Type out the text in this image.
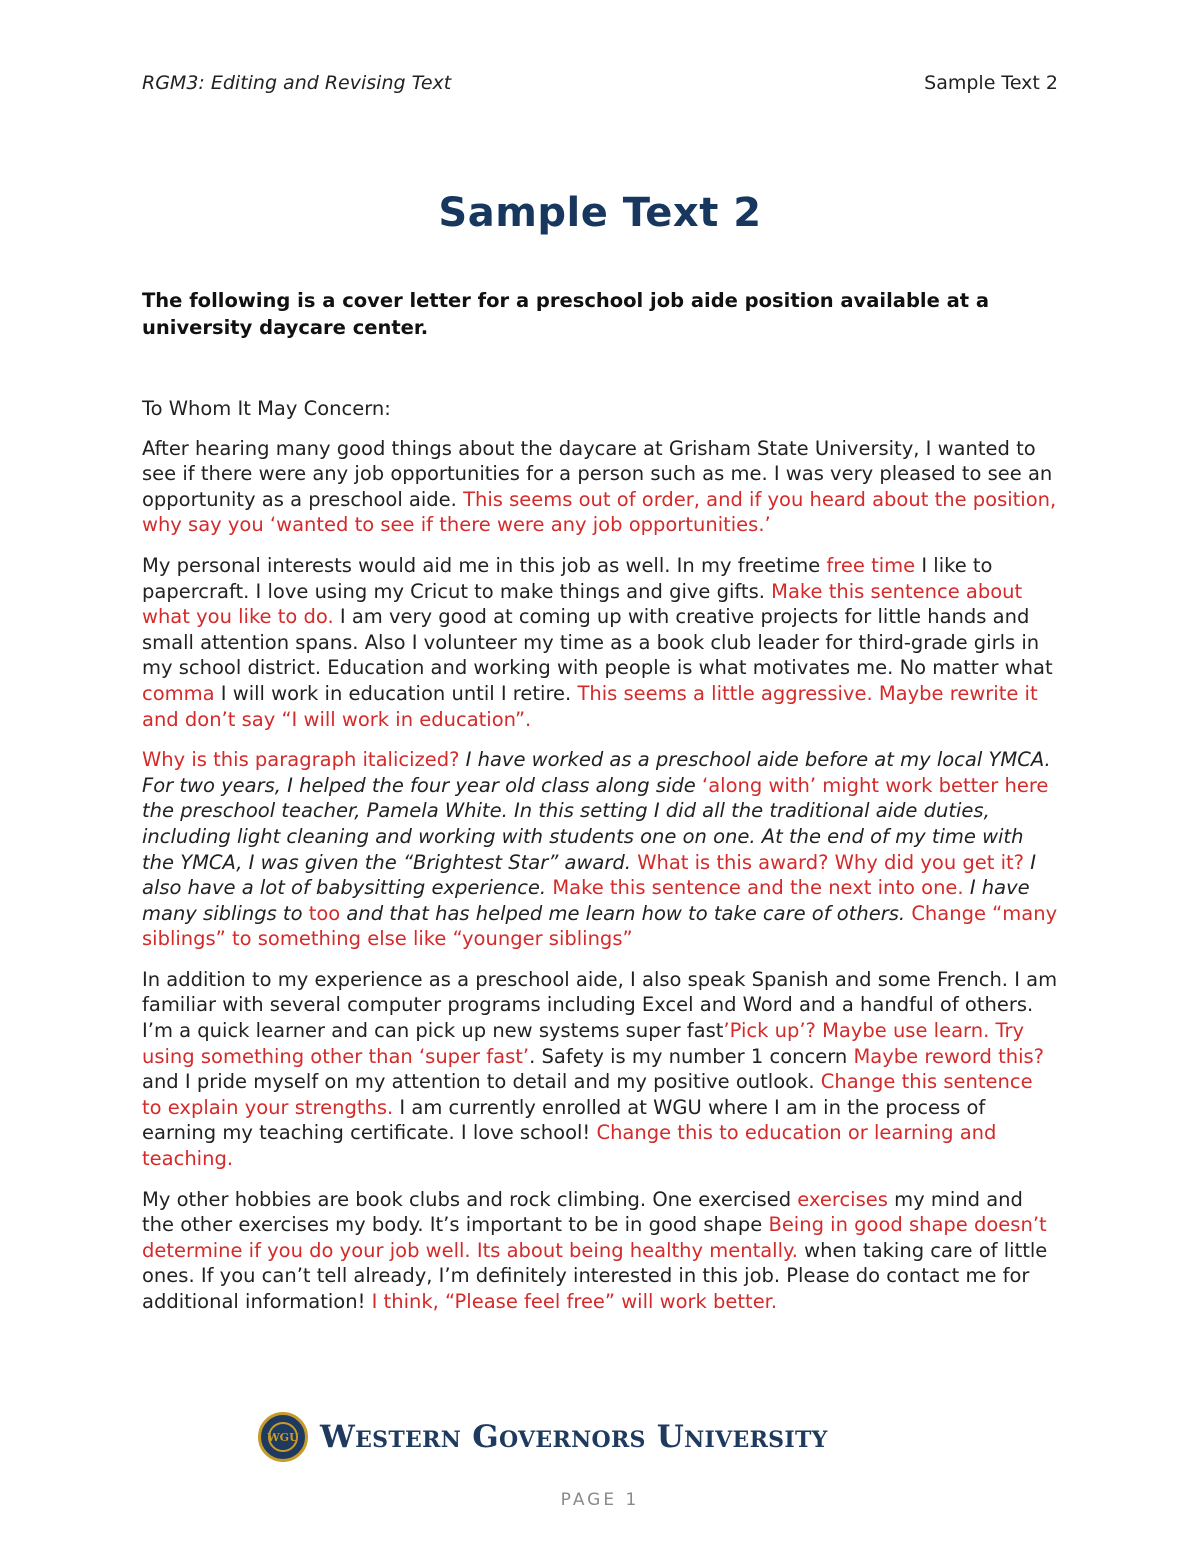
RGM3: Editing and Revising Text	Sample Text 2
Sample Text 2
The following is a cover letter for a preschool job aide position available at a university daycare center.

To Whom It May Concern:

After hearing many good things about the daycare at Grisham State University, I wanted to see if there were any job opportunities for a person such as me. I was very pleased to see an opportunity as a preschool aide. This seems out of order, and if you heard about the position, why say you ‘wanted to see if there were any job opportunities.’

My personal interests would aid me in this job as well. In my freetime free time I like to papercraft. I love using my Cricut to make things and give gifts. Make this sentence about what you like to do. I am very good at coming up with creative projects for little hands and small attention spans. Also I volunteer my time as a book club leader for third-grade girls in my school district. Education and working with people is what motivates me. No matter what comma I will work in education until I retire. This seems a little aggressive. Maybe rewrite it and don’t say “I will work in education”.

Why is this paragraph italicized? I have worked as a preschool aide before at my local YMCA. For two years, I helped the four year old class along side ‘along with’ might work better here the preschool teacher, Pamela White. In this setting I did all the traditional aide duties, including light cleaning and working with students one on one. At the end of my time with the YMCA, I was given the “Brightest Star” award. What is this award? Why did you get it? I also have a lot of babysitting experience. Make this sentence and the next into one. I have many siblings to too and that has helped me learn how to take care of others. Change “many siblings” to something else like “younger siblings”

In addition to my experience as a preschool aide, I also speak Spanish and some French. I am familiar with several computer programs including Excel and Word and a handful of others. I’m a quick learner and can pick up new systems super fast’Pick up’? Maybe use learn. Try using something other than ‘super fast’. Safety is my number 1 concern Maybe reword this? and I pride myself on my attention to detail and my positive outlook. Change this sentence to explain your strengths. I am currently enrolled at WGU where I am in the process of earning my teaching certificate. I love school! Change this to education or learning and teaching.

My other hobbies are book clubs and rock climbing. One exercised exercises my mind and the other exercises my body. It’s important to be in good shape Being in good shape doesn’t determine if you do your job well. Its about being healthy mentally. when taking care of little ones. If you can’t tell already, I’m definitely interested in this job. Please do contact me for additional information! I think, “Please feel free” will work better.

WGU Western Governors University
PAGE 1
